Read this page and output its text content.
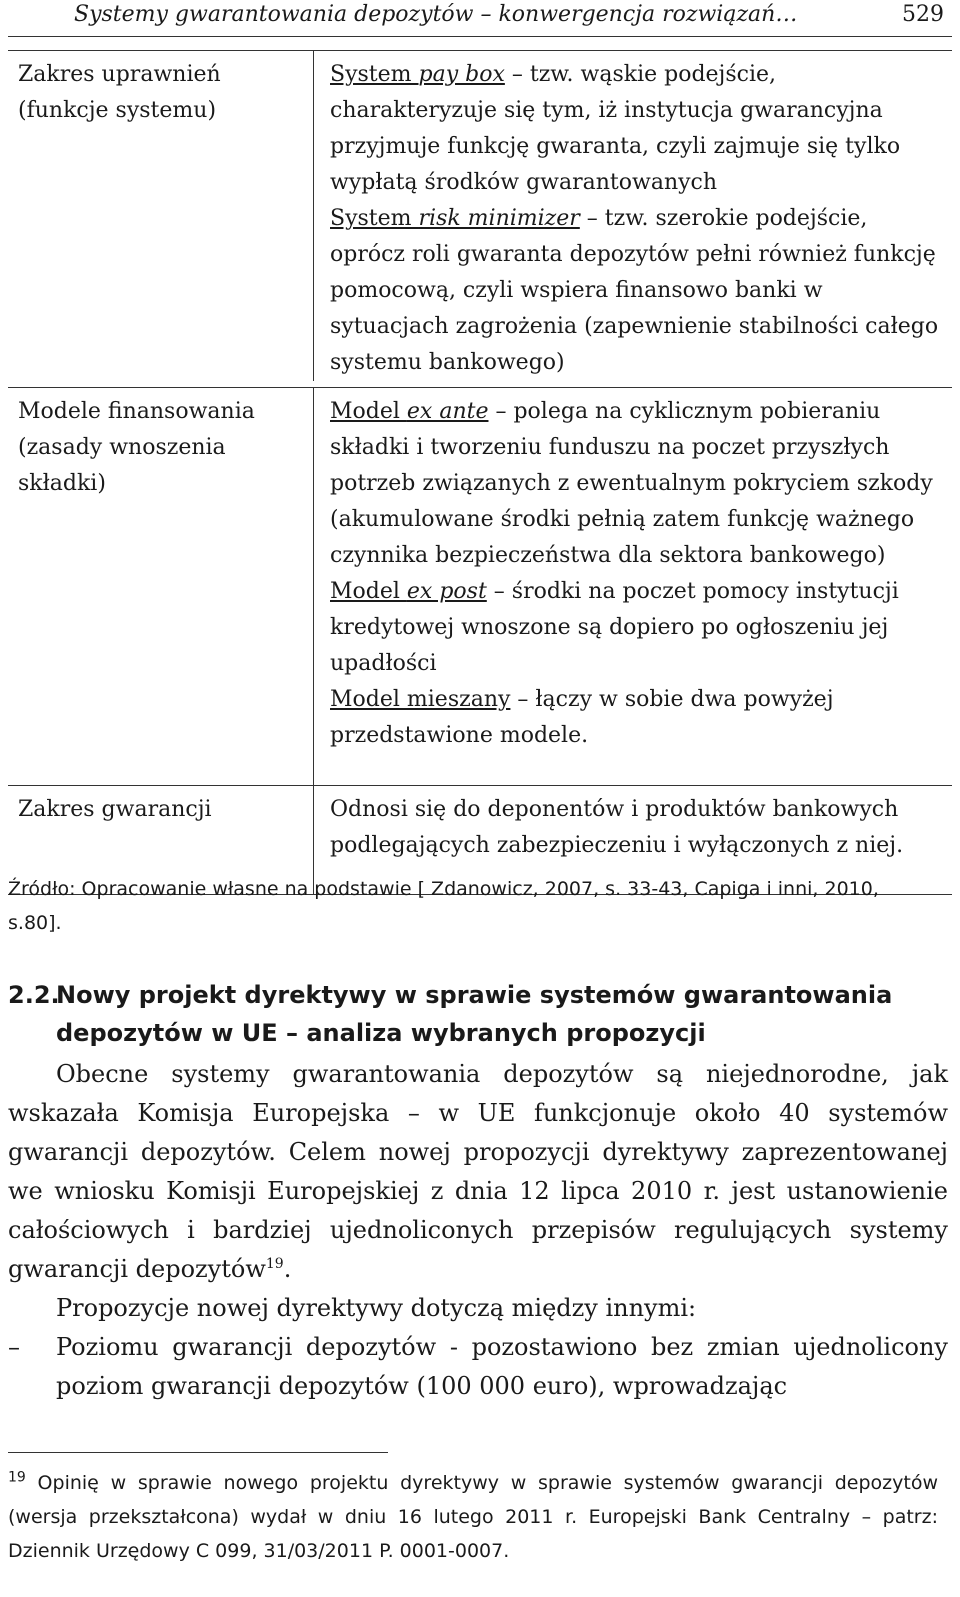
Systemy gwarantowania depozytów – konwergencja rozwiązań…	529
Zakres uprawnień (funkcje systemu)
System pay box – tzw. wąskie podejście, charakteryzuje się tym, iż instytucja gwarancyjna przyjmuje funkcję gwaranta, czyli zajmuje się tylko wypłatą środków gwarantowanych
System risk minimizer – tzw. szerokie podejście, oprócz roli gwaranta depozytów pełni również funkcję pomocową, czyli wspiera finansowo banki w sytuacjach zagrożenia (zapewnienie stabilności całego systemu bankowego)
Modele finansowania (zasady wnoszenia składki)
Model ex ante – polega na cyklicznym pobieraniu składki i tworzeniu funduszu na poczet przyszłych potrzeb związanych z ewentualnym pokryciem szkody (akumulowane środki pełnią zatem funkcję ważnego czynnika bezpieczeństwa dla sektora bankowego)
Model ex post – środki na poczet pomocy instytucji kredytowej wnoszone są dopiero po ogłoszeniu jej upadłości
Model mieszany – łączy w sobie dwa powyżej przedstawione modele.
Zakres gwarancji	Odnosi się do deponentów i produktów bankowych podlegających zabezpieczeniu i wyłączonych z niej.
Źródło: Opracowanie własne na podstawie [ Zdanowicz, 2007, s. 33-43, Capiga i inni, 2010, s.80].
2.2.
Nowy projekt dyrektywy w sprawie systemów gwarantowania depozytów w UE – analiza wybranych propozycji
Obecne systemy gwarantowania depozytów są niejednorodne, jak wskazała Komisja Europejska – w UE funkcjonuje około 40 systemów gwarancji depozytów. Celem nowej propozycji dyrektywy zaprezentowanej we wniosku Komisji Europejskiej z dnia 12 lipca 2010 r. jest ustanowienie całościowych i bardziej ujednoliconych przepisów regulujących systemy gwarancji depozytów$^{19}$.
Propozycje nowej dyrektywy dotyczą między innymi:
– Poziomu gwarancji depozytów - pozostawiono bez zmian ujednolicony poziom gwarancji depozytów (100 000 euro), wprowadzając
$^{19}$ Opinię w sprawie nowego projektu dyrektywy w sprawie systemów gwarancji depozytów (wersja przekształcona) wydał w dniu 16 lutego 2011 r. Europejski Bank Centralny – patrz: Dziennik Urzędowy C 099, 31/03/2011 P. 0001-0007.
